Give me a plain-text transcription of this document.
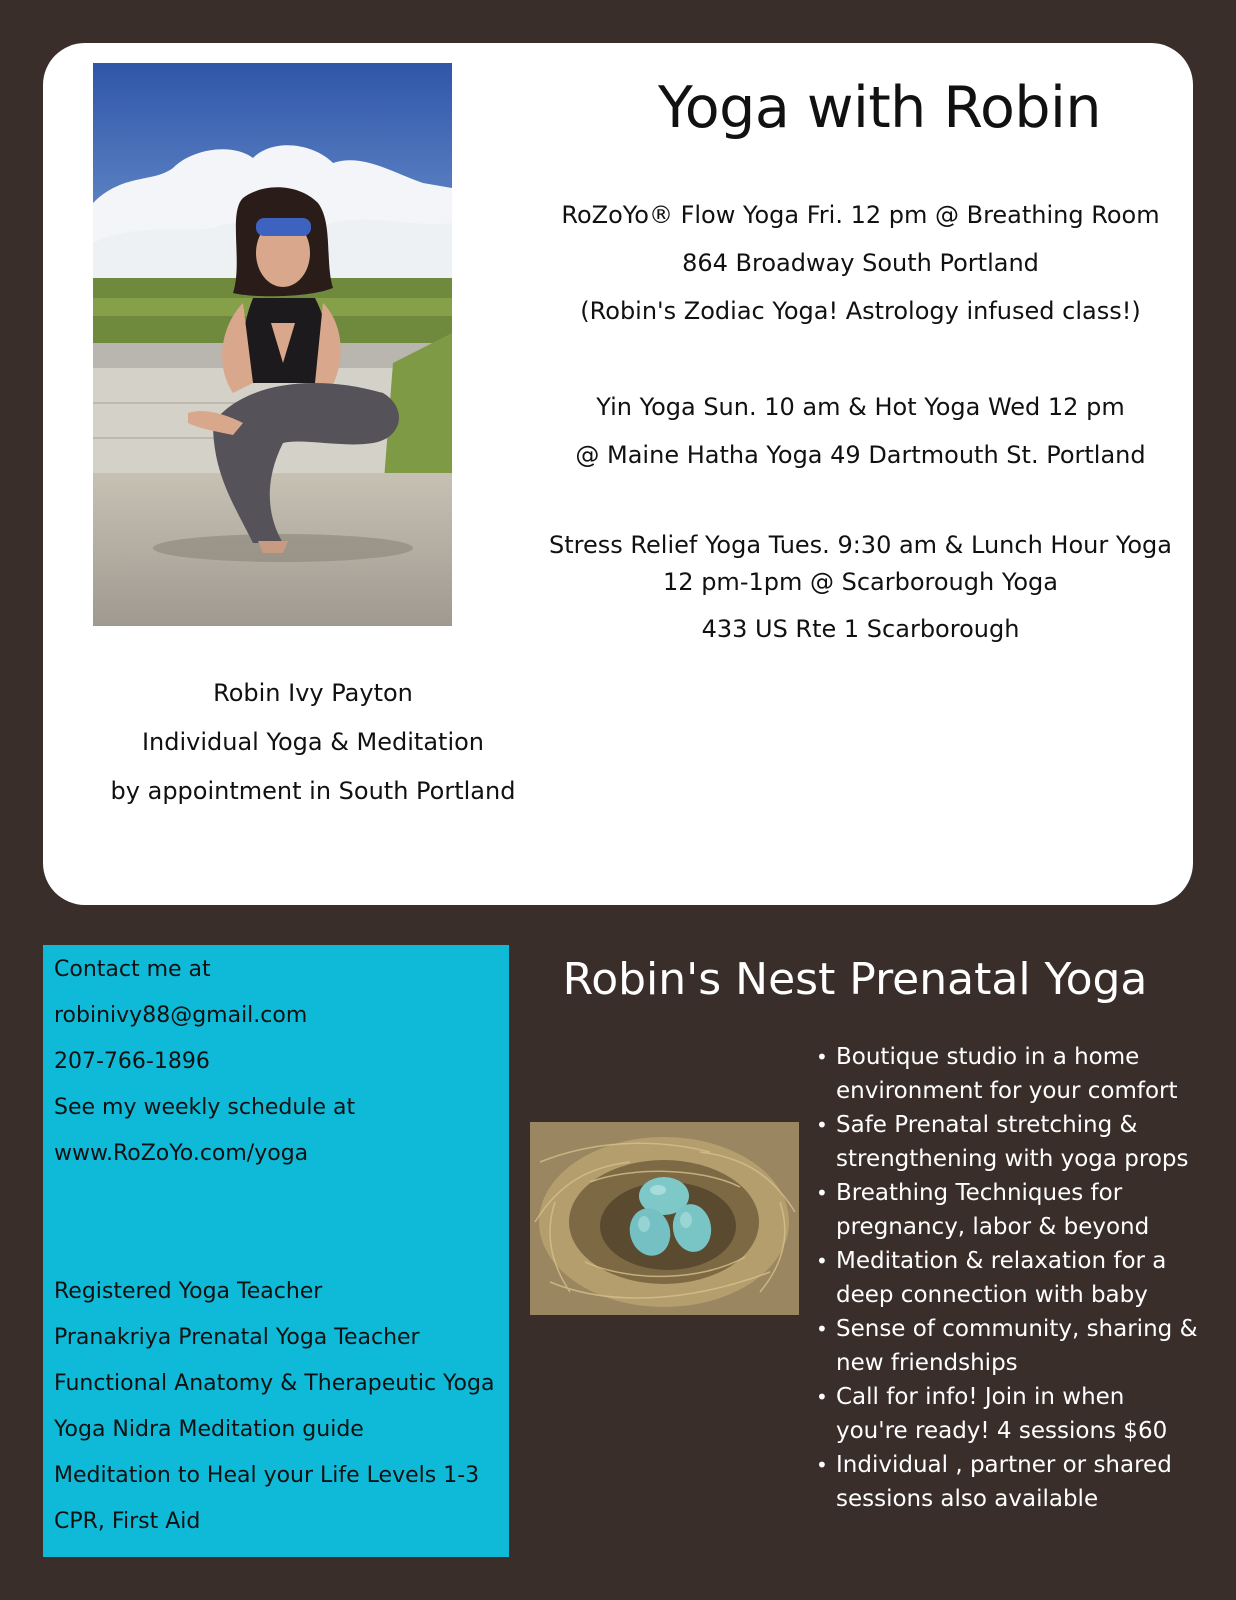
Yoga with Robin
RoZoYo® Flow Yoga Fri. 12 pm @ Breathing Room
864 Broadway South Portland
(Robin's Zodiac Yoga! Astrology infused class!)
Yin Yoga Sun. 10 am & Hot Yoga Wed 12 pm
@ Maine Hatha Yoga 49 Dartmouth St. Portland
Stress Relief Yoga Tues. 9:30 am & Lunch Hour Yoga
12 pm-1pm @ Scarborough Yoga
433 US Rte 1 Scarborough
Robin Ivy Payton
Individual Yoga & Meditation
by appointment in South Portland
Contact me at
robinivy88@gmail.com
207-766-1896
See my weekly schedule at
www.RoZoYo.com/yoga
Registered Yoga Teacher
Pranakriya Prenatal Yoga Teacher
Functional Anatomy & Therapeutic Yoga
Yoga Nidra Meditation guide
Meditation to Heal your Life Levels 1-3
CPR, First Aid
Robin's Nest Prenatal Yoga
• Boutique studio in a home
environment for your comfort
• Safe Prenatal stretching &
strengthening with yoga props
• Breathing Techniques for
pregnancy, labor & beyond
• Meditation & relaxation for a
deep connection with baby
• Sense of community, sharing &
new friendships
• Call for info! Join in when
you're ready! 4 sessions $60
• Individual , partner or shared
sessions also available
